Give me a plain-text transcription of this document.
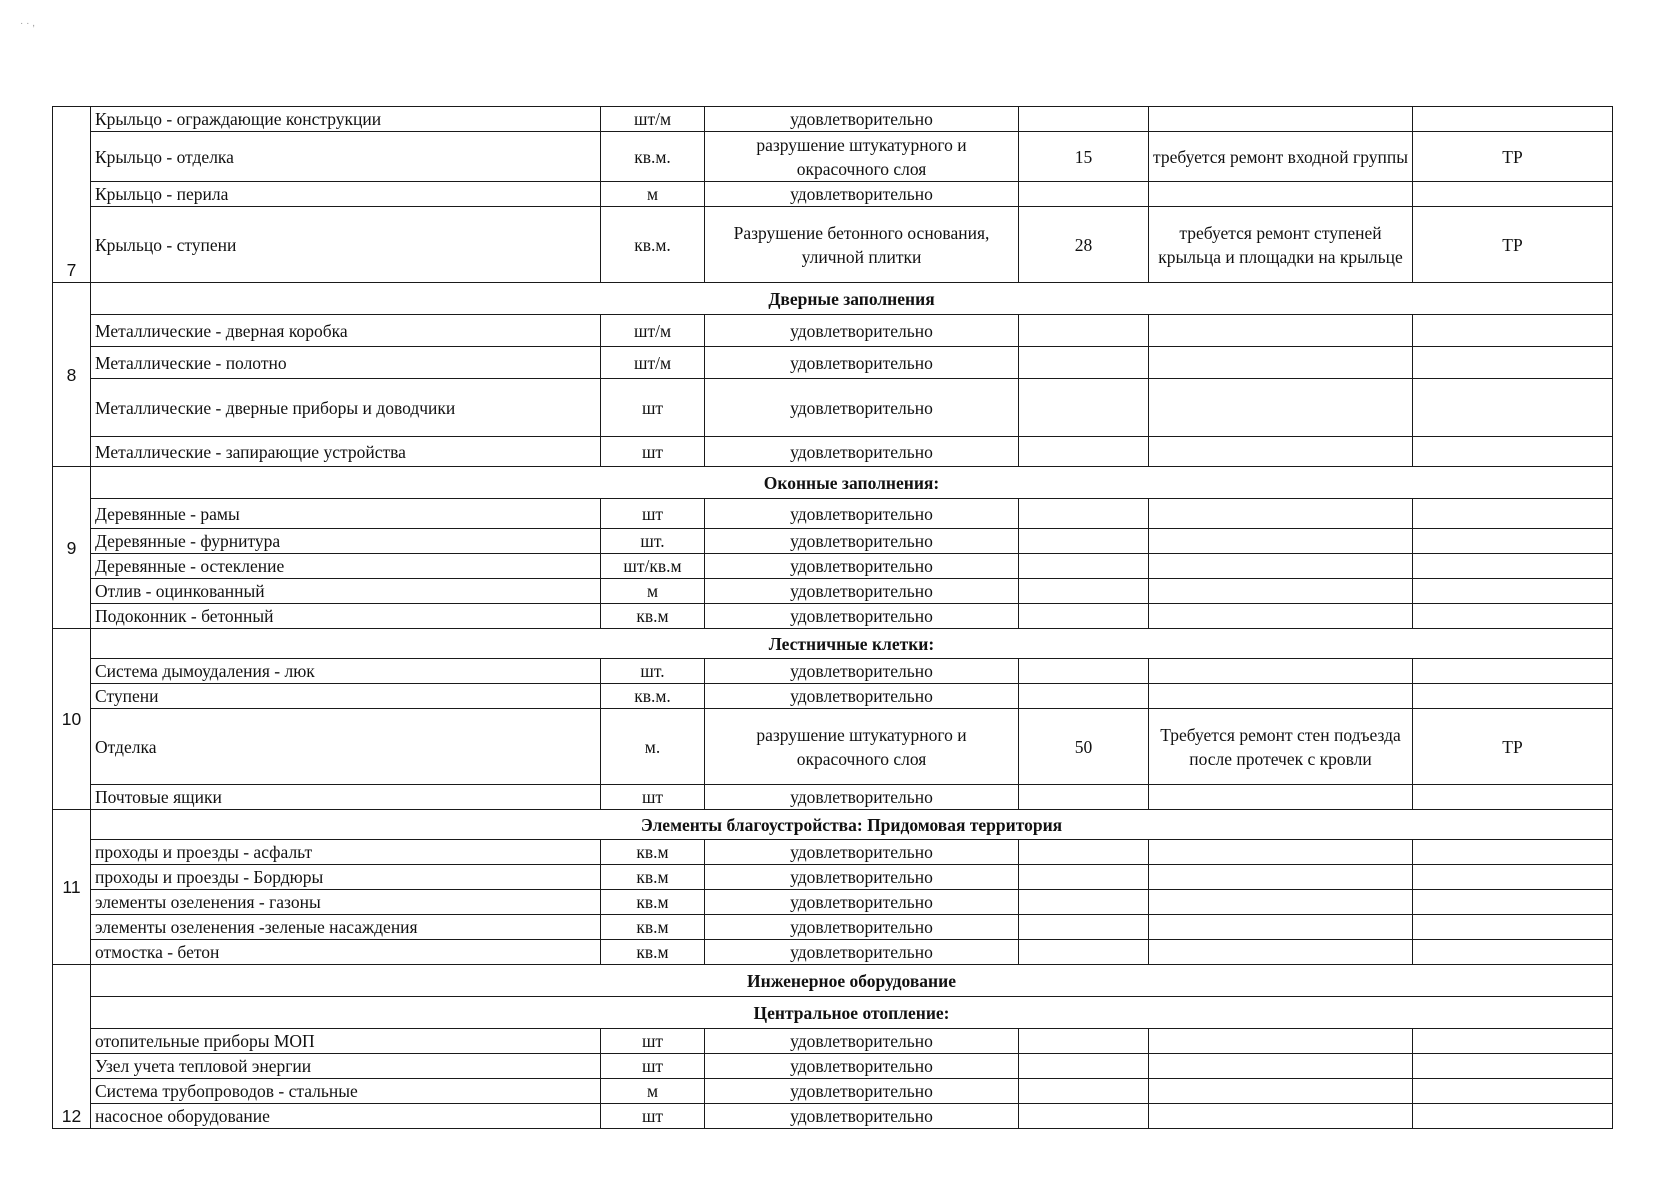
· · ,
7	Крыльцо - ограждающие конструкции	шт/м	удовлетворительно			
	Крыльцо - отделка	кв.м.	разрушение штукатурного и окрасочного слоя	15	требуется ремонт входной группы	ТР
	Крыльцо - перила	м	удовлетворительно			
	Крыльцо - ступени	кв.м.	Разрушение бетонного основания, уличной плитки	28	требуется ремонт ступеней крыльца и площадки на крыльце	ТР
8	Дверные заполнения					
	Металлические - дверная коробка	шт/м	удовлетворительно			
	Металлические - полотно	шт/м	удовлетворительно			
	Металлические - дверные приборы и доводчики	шт	удовлетворительно			
	Металлические - запирающие устройства	шт	удовлетворительно			
9	Оконные заполнения:					
	Деревянные - рамы	шт	удовлетворительно			
	Деревянные - фурнитура	шт.	удовлетворительно			
	Деревянные - остекление	шт/кв.м	удовлетворительно			
	Отлив - оцинкованный	м	удовлетворительно			
	Подоконник - бетонный	кв.м	удовлетворительно			
10	Лестничные клетки:					
	Система дымоудаления - люк	шт.	удовлетворительно			
	Ступени	кв.м.	удовлетворительно			
	Отделка	м.	разрушение штукатурного и окрасочного слоя	50	Требуется ремонт стен подъезда после протечек с кровли	ТР
	Почтовые ящики	шт	удовлетворительно			
11	Элементы благоустройства: Придомовая территория					
	проходы и проезды - асфальт	кв.м	удовлетворительно			
	проходы и проезды - Бордюры	кв.м	удовлетворительно			
	элементы озеленения - газоны	кв.м	удовлетворительно			
	элементы озеленения -зеленые насаждения	кв.м	удовлетворительно			
	отмостка - бетон	кв.м	удовлетворительно			
12	Инженерное оборудование					
	Центральное отопление:					
	отопительные приборы МОП	шт	удовлетворительно			
	Узел учета тепловой энергии	шт	удовлетворительно			
	Система трубопроводов - стальные	м	удовлетворительно			
	насосное оборудование	шт	удовлетворительно			
